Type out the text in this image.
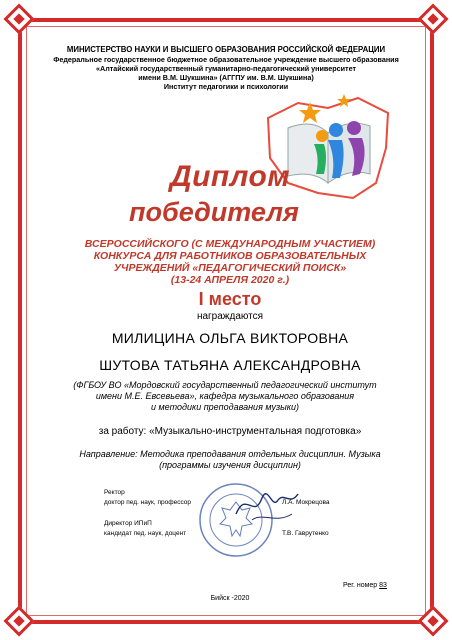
МИНИСТЕРСТВО НАУКИ И ВЫСШЕГО ОБРАЗОВАНИЯ РОССИЙСКОЙ ФЕДЕРАЦИИ
Федеральное государственное бюджетное образовательное учреждение высшего образования
«Алтайский государственный гуманитарно-педагогический университет
имени В.М. Шукшина» (АГГПУ им. В.М. Шукшина)
Институт педагогики и психологии
Диплом
победителя
ВСЕРОССИЙСКОГО (С МЕЖДУНАРОДНЫМ УЧАСТИЕМ)
КОНКУРСА ДЛЯ РАБОТНИКОВ ОБРАЗОВАТЕЛЬНЫХ
УЧРЕЖДЕНИЙ «ПЕДАГОГИЧЕСКИЙ ПОИСК»
(13-24 АПРЕЛЯ 2020 г.)
I место
награждаются
МИЛИЦИНА ОЛЬГА ВИКТОРОВНА
ШУТОВА ТАТЬЯНА АЛЕКСАНДРОВНА
(ФГБОУ ВО «Мордовский государственный педагогический институт
имени М.Е. Евсевьева», кафедра музыкального образования
и методики преподавания музыки)
за работу: «Музыкально-инструментальная подготовка»
Направление: Методика преподавания отдельных дисциплин. Музыка
(программы изучения дисциплин)
Ректор
доктор пед. наук, профессор	Л.А. Мокрецова
Директор ИПиП
кандидат пед. наук, доцент	Т.В. Гаврутенко
Рег. номер 83
Бийск -2020
